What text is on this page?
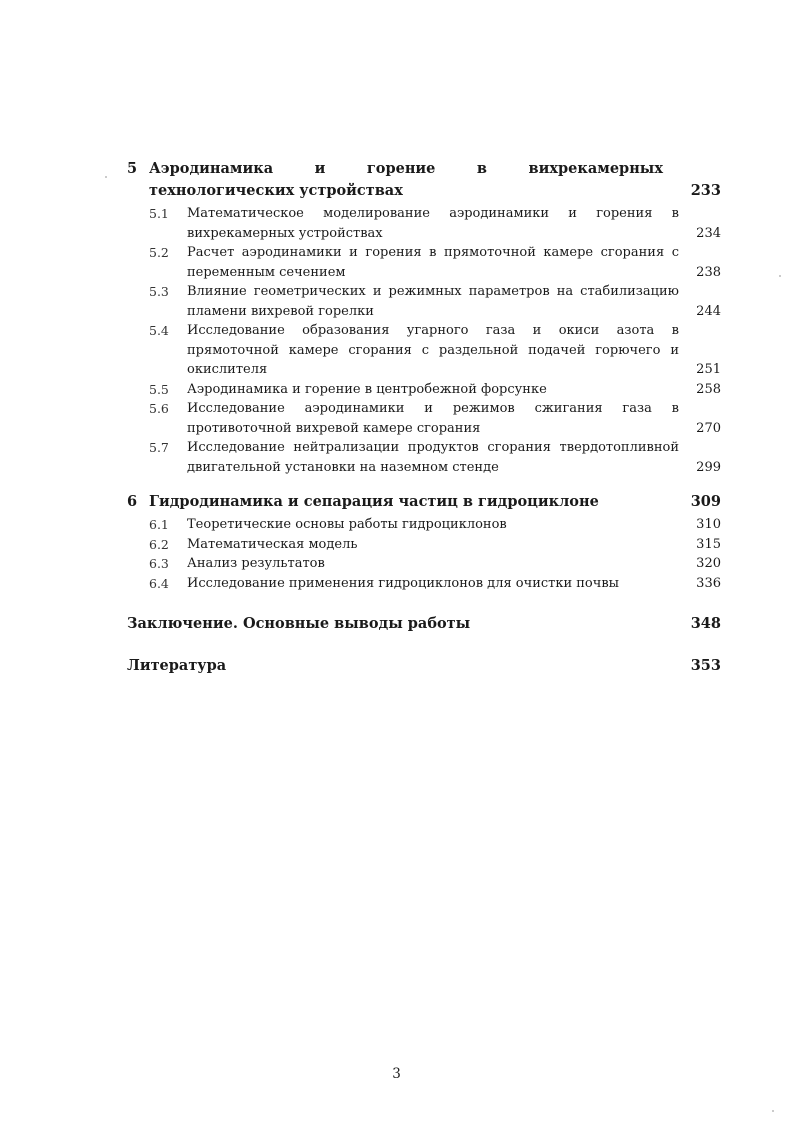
5 Аэродинамика и горение в вихрекамерных технологических устройствах	233
5.1	Математическое моделирование аэродинамики и горения в вихрекамерных устройствах	234
5.2	Расчет аэродинамики и горения в прямоточной камере сгорания с переменным сечением	238
5.3	Влияние геометрических и режимных параметров на стабилизацию пламени вихревой горелки	244
5.4	Исследование образования угарного газа и окиси азота в прямоточной камере сгорания с раздельной подачей горючего и окислителя	251
5.5	Аэродинамика и горение в центробежной форсунке	258
5.6	Исследование аэродинамики и режимов сжигания газа в противоточной вихревой камере сгорания	270
5.7	Исследование нейтрализации продуктов сгорания твердотопливной двигательной установки на наземном стенде	299
6 Гидродинамика и сепарация частиц в гидроциклоне	309
6.1	Теоретические основы работы гидроциклонов	310
6.2	Математическая модель	315
6.3	Анализ результатов	320
6.4	Исследование применения гидроциклонов для очистки почвы	336
Заключение. Основные выводы работы	348
Литература	353
3
